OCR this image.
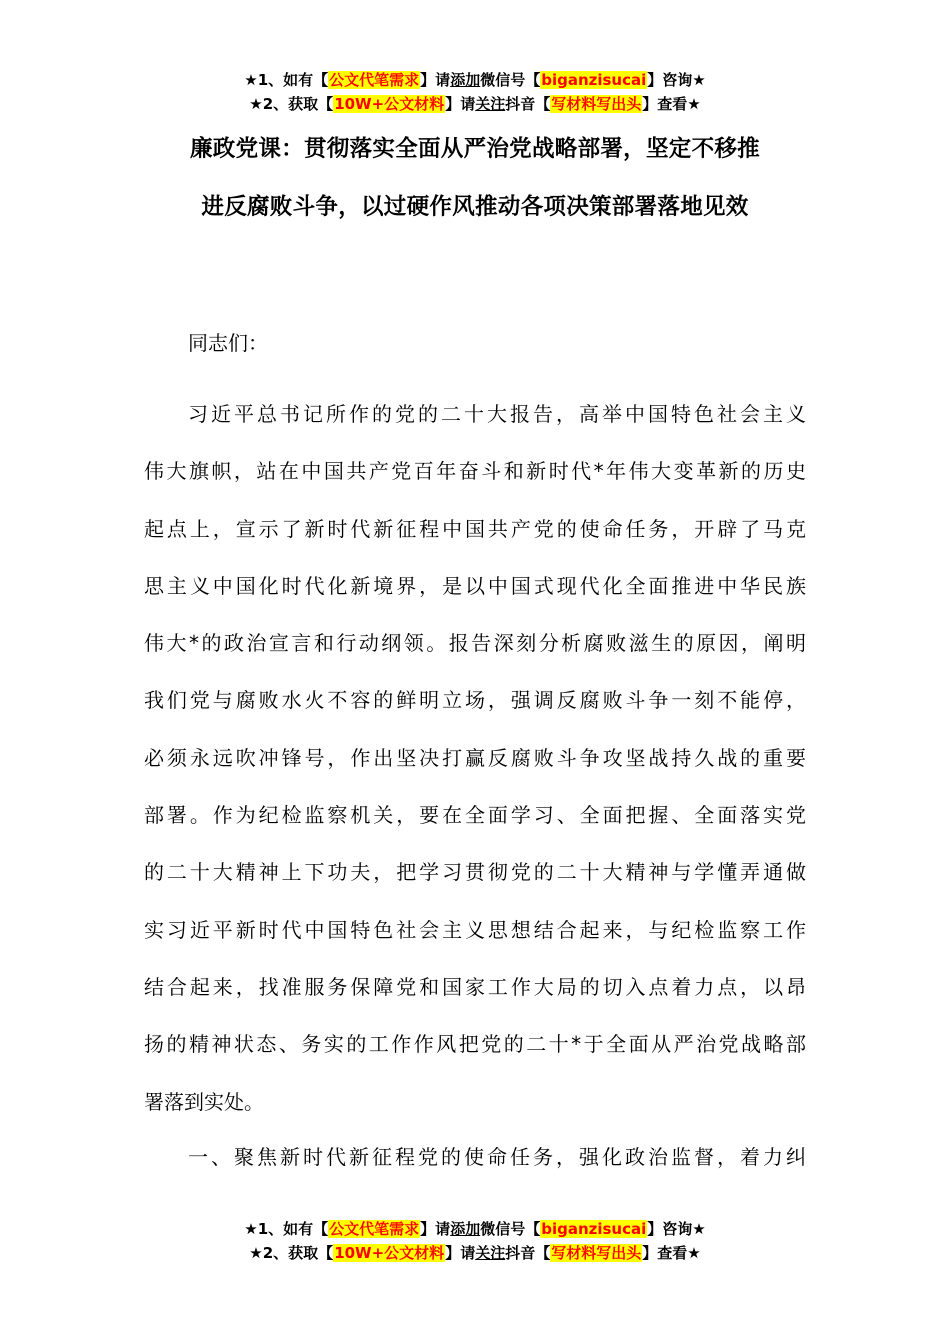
★1、如有【公文代笔需求】请添加微信号【biganzisucai】咨询★
★2、获取【10W+公文材料】请关注抖音【写材料写出头】查看★
廉政党课：贯彻落实全面从严治党战略部署，坚定不移推
进反腐败斗争，以过硬作风推动各项决策部署落地见效
同志们：
习近平总书记所作的党的二十大报告，高举中国特色社会主义
伟大旗帜，站在中国共产党百年奋斗和新时代*年伟大变革新的历史
起点上，宣示了新时代新征程中国共产党的使命任务，开辟了马克
思主义中国化时代化新境界，是以中国式现代化全面推进中华民族
伟大*的政治宣言和行动纲领。报告深刻分析腐败滋生的原因，阐明
我们党与腐败水火不容的鲜明立场，强调反腐败斗争一刻不能停，
必须永远吹冲锋号，作出坚决打赢反腐败斗争攻坚战持久战的重要
部署。作为纪检监察机关，要在全面学习、全面把握、全面落实党
的二十大精神上下功夫，把学习贯彻党的二十大精神与学懂弄通做
实习近平新时代中国特色社会主义思想结合起来，与纪检监察工作
结合起来，找准服务保障党和国家工作大局的切入点着力点，以昂
扬的精神状态、务实的工作作风把党的二十*于全面从严治党战略部
署落到实处。
一、聚焦新时代新征程党的使命任务，强化政治监督，着力纠
★1、如有【公文代笔需求】请添加微信号【biganzisucai】咨询★
★2、获取【10W+公文材料】请关注抖音【写材料写出头】查看★
